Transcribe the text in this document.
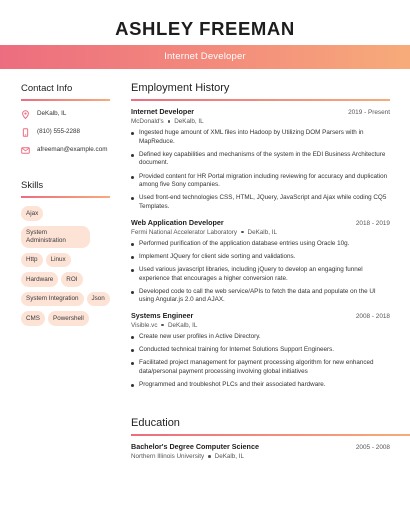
ASHLEY FREEMAN
Internet Developer
Contact Info
DeKalb, IL
(810) 555-2288
afreeman@example.com
Skills
Ajax
System Administration
Http	Linux
Hardware	ROI
System Integration	Json
CMS	Powershell
Employment History
Internet Developer	2019 - Present
McDonald's DeKalb, IL
Ingested huge amount of XML files into Hadoop by Utilizing DOM Parsers with in MapReduce.
Defined key capabilities and mechanisms of the system in the EDI Business Architecture document.
Provided content for HR Portal migration including reviewing for accuracy and duplication among five Sony companies.
Used front-end technologies CSS, HTML, JQuery, JavaScript and Ajax while coding CQ5 Templates.
Web Application Developer	2018 - 2019
Fermi National Accelerator Laboratory DeKalb, IL
Performed purification of the application database entries using Oracle 10g.
Implement JQuery for client side sorting and validations.
Used various javascript libraries, including jQuery to develop an engaging funnel experience that encourages a higher conversion rate.
Developed code to call the web service/APIs to fetch the data and populate on the UI using Angular.js 2.0 and AJAX.
Systems Engineer	2008 - 2018
Visible.vc DeKalb, IL
Create new user profiles in Active Directory.
Conducted technical training for Internet Solutions Support Engineers.
Facilitated project management for payment processing algorithm for new enhanced data/personal payment processing involving global initiatives
Programmed and troubleshot PLCs and their associated hardware.
Education
Bachelor's Degree Computer Science	2005 - 2008
Northern Illinois University DeKalb, IL
